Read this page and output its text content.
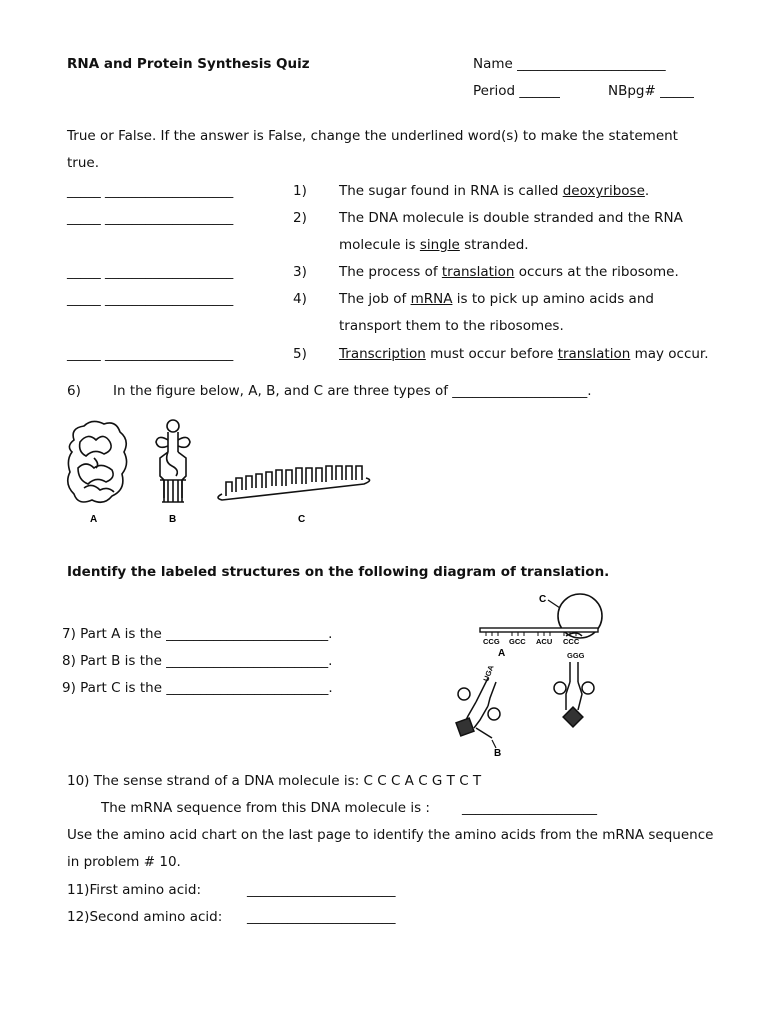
RNA and Protein Synthesis Quiz	Name ______________________
Period ______	NBpg# _____
True or False. If the answer is False, change the underlined word(s) to make the statement
true.
_____ ___________________	1) The sugar found in RNA is called deoxyribose.
_____ ___________________	2) The DNA molecule is double stranded and the RNA
molecule is single stranded.
_____ ___________________	3) The process of translation occurs at the ribosome.
_____ ___________________	4) The job of mRNA is to pick up amino acids and
transport them to the ribosomes.
_____ ___________________	5) Transcription must occur before translation may occur.
6) In the figure below, A, B, and C are three types of ____________________.
A	B	C
Identify the labeled structures on the following diagram of translation.
7) Part A is the ________________________.
8) Part B is the ________________________.
9) Part C is the ________________________.
C
CCG GCC ACU CCC
A
UGA
B
GGG
10) The sense strand of a DNA molecule is: C C C A C G T C T
The mRNA sequence from this DNA molecule is : ____________________
Use the amino acid chart on the last page to identify the amino acids from the mRNA sequence
in problem # 10.
11)First amino acid:	______________________
12)Second amino acid: ______________________
